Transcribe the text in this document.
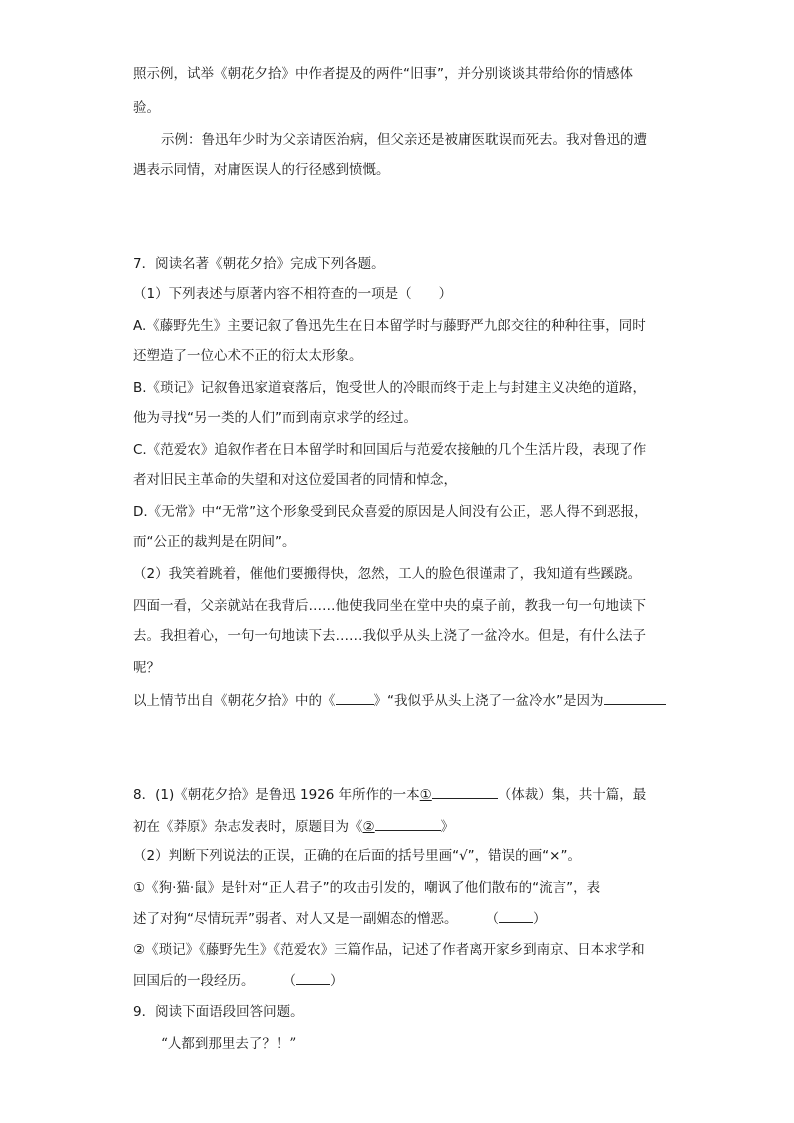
照示例，试举《朝花夕拾》中作者提及的两件“旧事”，并分别谈谈其带给你的情感体
验。
示例：鲁迅年少时为父亲请医治病，但父亲还是被庸医耽误而死去。我对鲁迅的遭
遇表示同情，对庸医误人的行径感到愤慨。
7．阅读名著《朝花夕拾》完成下列各题。
（1）下列表述与原著内容不相符查的一项是（　　）
A.《藤野先生》主要记叙了鲁迅先生在日本留学时与藤野严九郎交往的种种往事，同时
还塑造了一位心术不正的衍太太形象。
B.《琐记》记叙鲁迅家道衰落后，饱受世人的冷眼而终于走上与封建主义决绝的道路，
他为寻找“另一类的人们”而到南京求学的经过。
C.《范爱农》追叙作者在日本留学时和回国后与范爱农接触的几个生活片段，表现了作
者对旧民主革命的失望和对这位爱国者的同情和悼念，
D.《无常》中“无常”这个形象受到民众喜爱的原因是人间没有公正，恶人得不到恶报，
而“公正的裁判是在阴间”。
（2）我笑着跳着，催他们要搬得快，忽然，工人的脸色很谨肃了，我知道有些蹊跷。
四面一看，父亲就站在我背后……他使我同坐在堂中央的桌子前，教我一句一句地读下
去。我担着心，一句一句地读下去……我似乎从头上浇了一盆冷水。但是，有什么法子
呢？
以上情节出自《朝花夕拾》中的《	》“我似乎从头上浇了一盆冷水”是因为
8．(1)《朝花夕拾》是鲁迅 1926 年所作的一本①	（体裁）集，共十篇，最
初在《莽原》杂志发表时，原题目为《②	》
（2）判断下列说法的正误，正确的在后面的括号里画“√”，错误的画“×”。
①《狗·猫·鼠》是针对“正人君子”的攻击引发的，嘲讽了他们散布的“流言”，表
述了对狗“尽情玩弄”弱者、对人又是一副媚态的憎恶。 （	）
②《琐记》《藤野先生》《范爱农》三篇作品，记述了作者离开家乡到南京、日本求学和
回国后的一段经历。 （	）
9．阅读下面语段回答问题。
“人都到那里去了？！”
